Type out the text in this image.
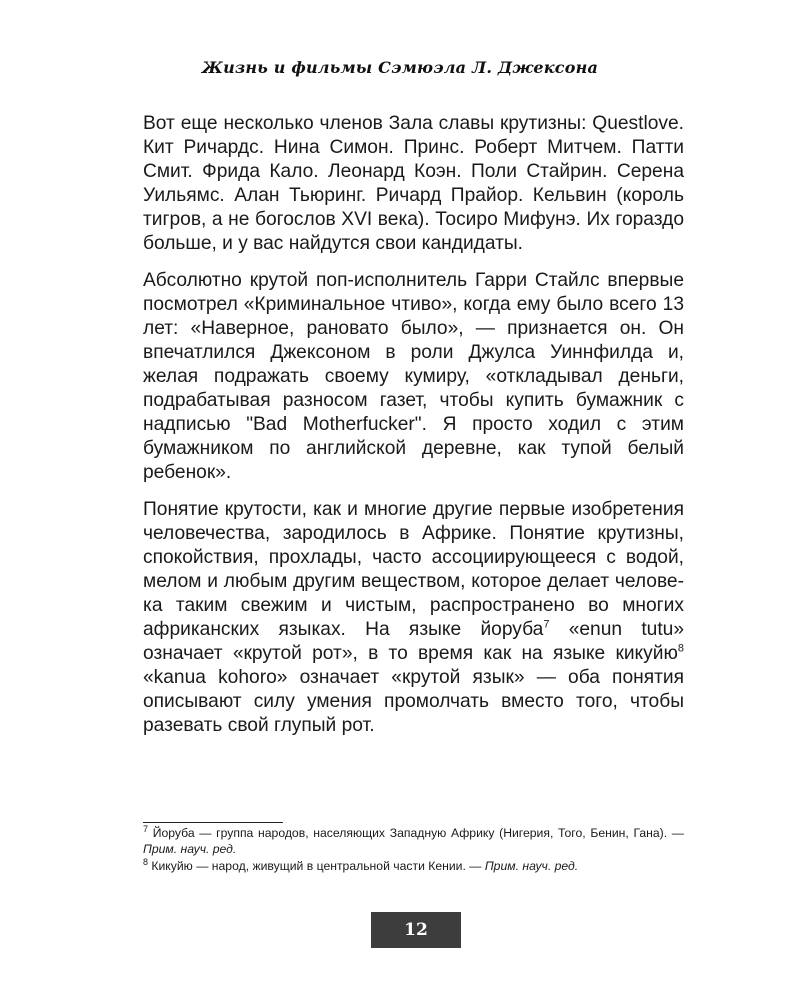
Жизнь и фильмы Сэмюэла Л. Джексона

Вот еще несколько членов Зала славы крутизны: Questlove. Кит Ричардс. Нина Симон. Принс. Роберт Митчем. Патти Смит. Фрида Кало. Леонард Коэн. Поли Стайрин. Серена Уильямс. Алан Тьюринг. Ричард Прайор. Кельвин (король тигров, а не богослов XVI века). Тосиро Мифунэ. Их гораздо больше, и у вас найдутся свои кандидаты.

Абсолютно крутой поп-исполнитель Гарри Стайлс впервые посмотрел «Криминальное чтиво», когда ему было всего 13 лет: «Наверное, рановато было», — признается он. Он впечатлился Джексоном в роли Джулса Уиннфилда и, желая подражать своему кумиру, «откладывал деньги, подрабатывая разносом газет, чтобы купить бумажник с надписью "Bad Motherfucker". Я просто ходил с этим бумажником по английской деревне, как тупой белый ребенок».

Понятие крутости, как и многие другие первые изобретения человечества, зародилось в Африке. Понятие крутизны, спокойствия, прохлады, часто ассоциирующееся с водой, мелом и любым другим веществом, которое делает человека таким свежим и чистым, распространено во многих африканских языках. На языке йоруба$^7$ «enun tutu» означает «крутой рот», в то время как на языке кикуйю$^8$ «kanua kohoro» означает «крутой язык» — оба понятия описывают силу умения промолчать вместо того, чтобы разевать свой глупый рот.

$^7$ Йоруба — группа народов, населяющих Западную Африку (Нигерия, Того, Бенин, Гана). — Прим. науч. ред.

$^8$ Кикуйю — народ, живущий в центральной части Кении. — Прим. науч. ред.

12
